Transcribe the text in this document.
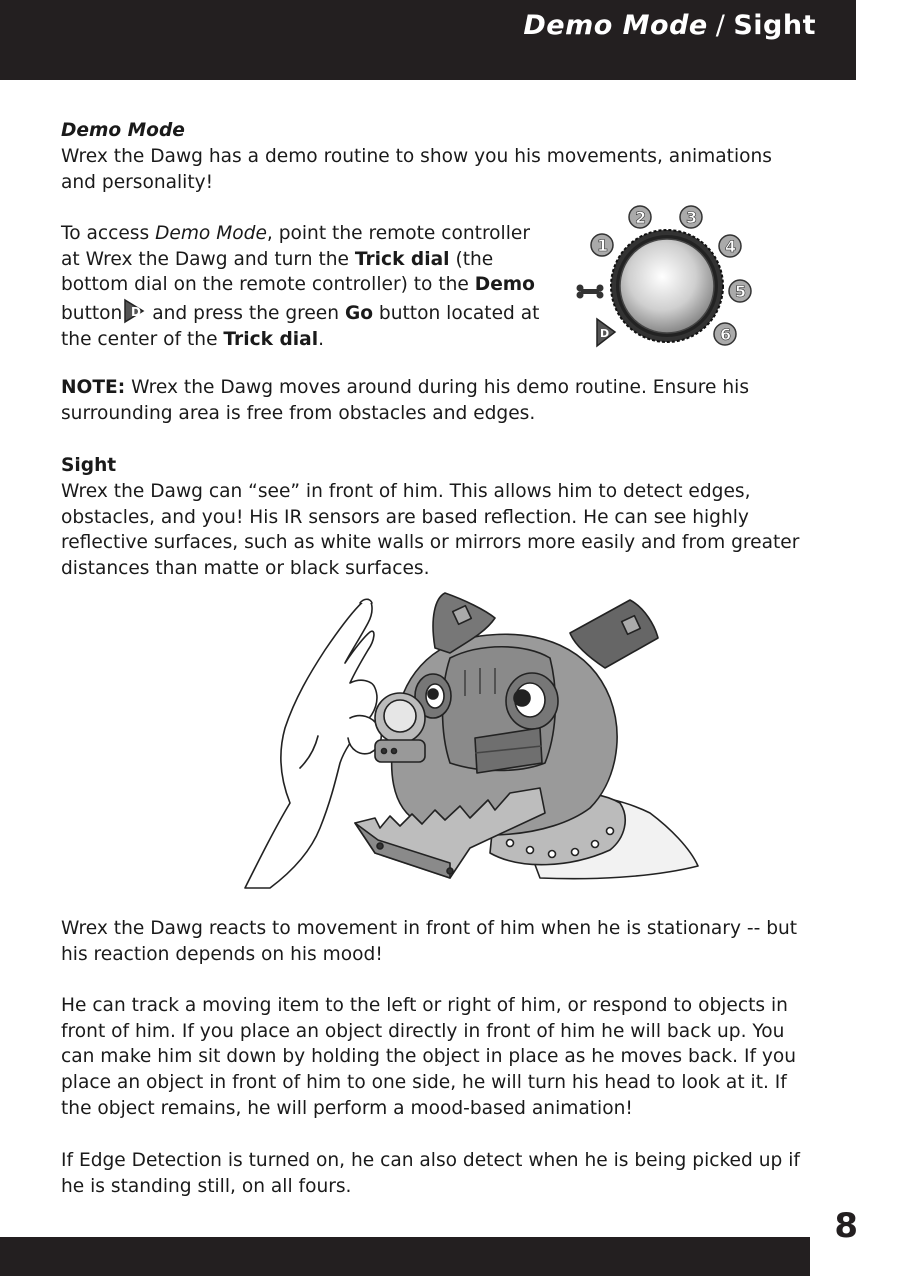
Demo Mode / Sight

Demo Mode

Wrex the Dawg has a demo routine to show you his movements, animations and personality!

To access Demo Mode, point the remote controller at Wrex the Dawg and turn the Trick dial (the bottom dial on the remote controller) to the Demo button D and press the green Go button located at the center of the Trick dial.

1
2 3
4
5
6
D

NOTE: Wrex the Dawg moves around during his demo routine. Ensure his surrounding area is free from obstacles and edges.

Sight

Wrex the Dawg can “see” in front of him. This allows him to detect edges, obstacles, and you! His IR sensors are based reflection. He can see highly reflective surfaces, such as white walls or mirrors more easily and from greater distances than matte or black surfaces.

Wrex the Dawg reacts to movement in front of him when he is stationary -- but his reaction depends on his mood!

He can track a moving item to the left or right of him, or respond to objects in front of him. If you place an object directly in front of him he will back up. You can make him sit down by holding the object in place as he moves back. If you place an object in front of him to one side, he will turn his head to look at it. If the object remains, he will perform a mood-based animation!

If Edge Detection is turned on, he can also detect when he is being picked up if he is standing still, on all fours.

8
